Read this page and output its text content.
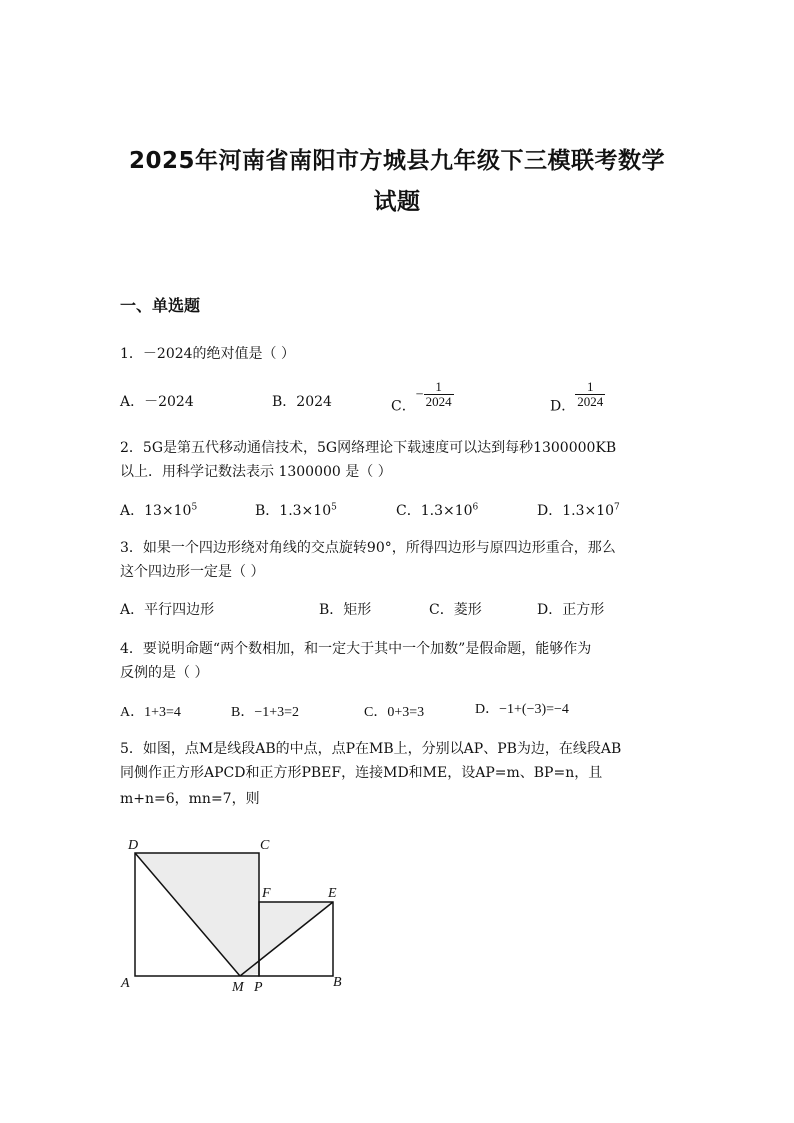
2025年河南省南阳市方城县九年级下三模联考数学
试题
一、单选题
1．－2024的绝对值是（ ）
A．－2024	B．2024	C．− $\frac{1}{2024}$	D． $\frac{1}{2024}$
2．5G是第五代移动通信技术，5G网络理论下载速度可以达到每秒1300000KB
以上．用科学记数法表示 1300000 是（ ）
A．$13\times 10^5$	B．$1.3\times 10^5$	C．$1.3\times 10^6$	D．$1.3\times 10^7$
3．如果一个四边形绕对角线的交点旋转90°，所得四边形与原四边形重合，那么
这个四边形一定是（ ）
A．平行四边形	B．矩形	C．菱形	D．正方形
4．要说明命题“两个数相加，和一定大于其中一个加数”是假命题，能够作为
反例的是（ ）
A．1+3=4	B．−1+3=2	C．0+3=3	D．−1+(−3)=−4
5．如图，点M是线段AB的中点，点P在MB上，分别以AP、PB为边，在线段AB
同侧作正方形APCD和正方形PBEF，连接MD和ME，设AP=m、BP=n，且
m+n=6，mn=7，则
D	C
F	E
A	M P	B
